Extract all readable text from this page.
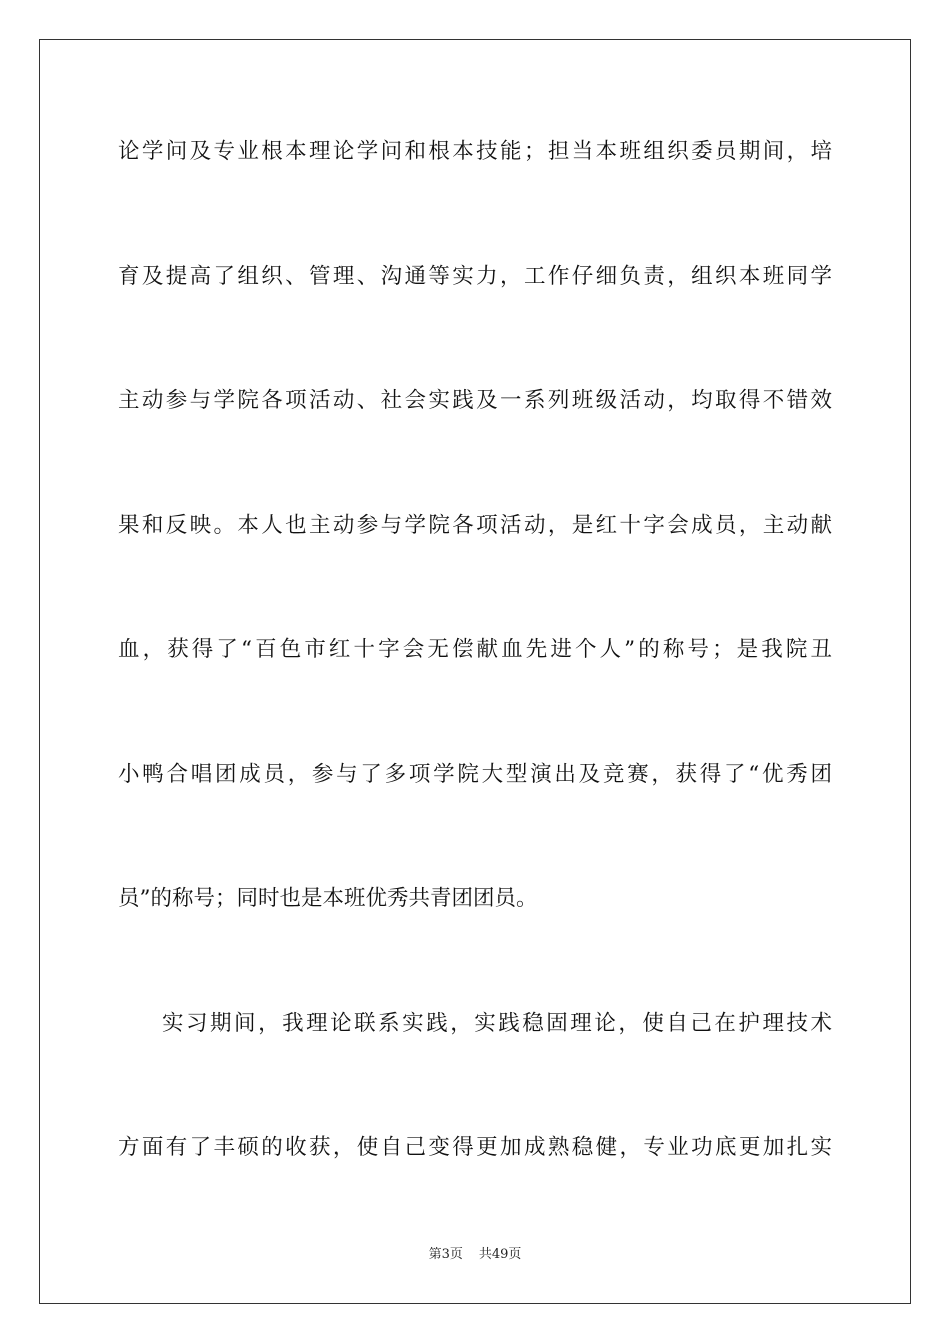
论学问及专业根本理论学问和根本技能；担当本班组织委员期间，培
育及提高了组织、管理、沟通等实力，工作仔细负责，组织本班同学
主动参与学院各项活动、社会实践及一系列班级活动，均取得不错效
果和反映。本人也主动参与学院各项活动，是红十字会成员，主动献
血，获得了“百色市红十字会无偿献血先进个人”的称号；是我院丑
小鸭合唱团成员，参与了多项学院大型演出及竞赛，获得了“优秀团
员”的称号；同时也是本班优秀共青团团员。
实习期间，我理论联系实践，实践稳固理论，使自己在护理技术
方面有了丰硕的收获，使自己变得更加成熟稳健，专业功底更加扎实
第3页 共49页
